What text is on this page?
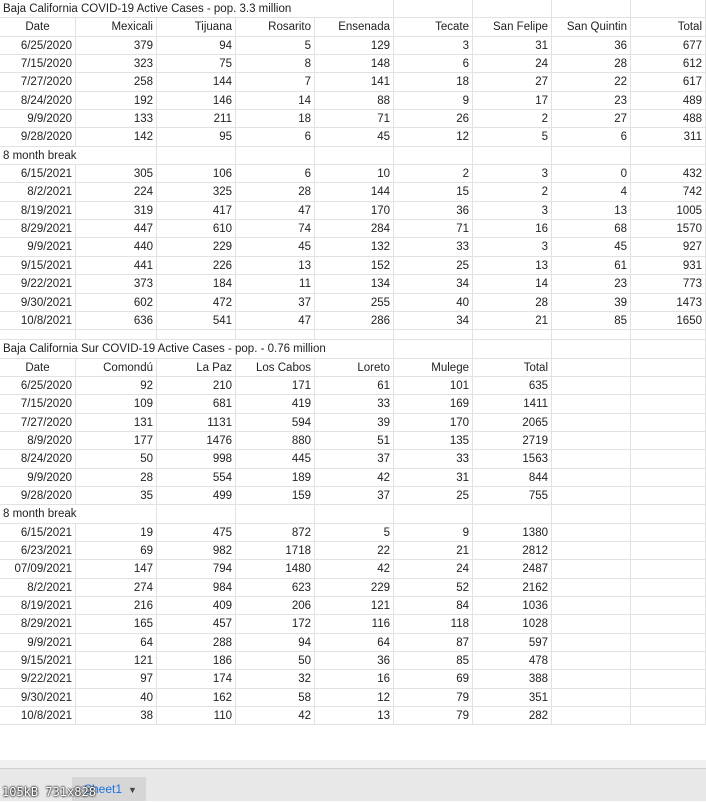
Baja California COVID-19 Active Cases - pop. 3.3 million
Date	Mexicali	Tijuana	Rosarito	Ensenada	Tecate	San Felipe	San Quintin	Total
6/25/2020	379	94	5	129	3	31	36	677
7/15/2020	323	75	8	148	6	24	28	612
7/27/2020	258	144	7	141	18	27	22	617
8/24/2020	192	146	14	88	9	17	23	489
9/9/2020	133	211	18	71	26	2	27	488
9/28/2020	142	95	6	45	12	5	6	311
8 month break
6/15/2021	305	106	6	10	2	3	0	432
8/2/2021	224	325	28	144	15	2	4	742
8/19/2021	319	417	47	170	36	3	13	1005
8/29/2021	447	610	74	284	71	16	68	1570
9/9/2021	440	229	45	132	33	3	45	927
9/15/2021	441	226	13	152	25	13	61	931
9/22/2021	373	184	11	134	34	14	23	773
9/30/2021	602	472	37	255	40	28	39	1473
10/8/2021	636	541	47	286	34	21	85	1650
Baja California Sur COVID-19 Active Cases - pop. - 0.76 million
Date	Comondú	La Paz	Los Cabos	Loreto	Mulege	Total
6/25/2020	92	210	171	61	101	635
7/15/2020	109	681	419	33	169	1411
7/27/2020	131	1131	594	39	170	2065
8/9/2020	177	1476	880	51	135	2719
8/24/2020	50	998	445	37	33	1563
9/9/2020	28	554	189	42	31	844
9/28/2020	35	499	159	37	25	755
8 month break
6/15/2021	19	475	872	5	9	1380
6/23/2021	69	982	1718	22	21	2812
07/09/2021	147	794	1480	42	24	2487
8/2/2021	274	984	623	229	52	2162
8/19/2021	216	409	206	121	84	1036
8/29/2021	165	457	172	116	118	1028
9/9/2021	64	288	94	64	87	597
9/15/2021	121	186	50	36	85	478
9/22/2021	97	174	32	16	69	388
9/30/2021	40	162	58	12	79	351
10/8/2021	38	110	42	13	79	282
Sheet1 ▼
105kB 731x828
